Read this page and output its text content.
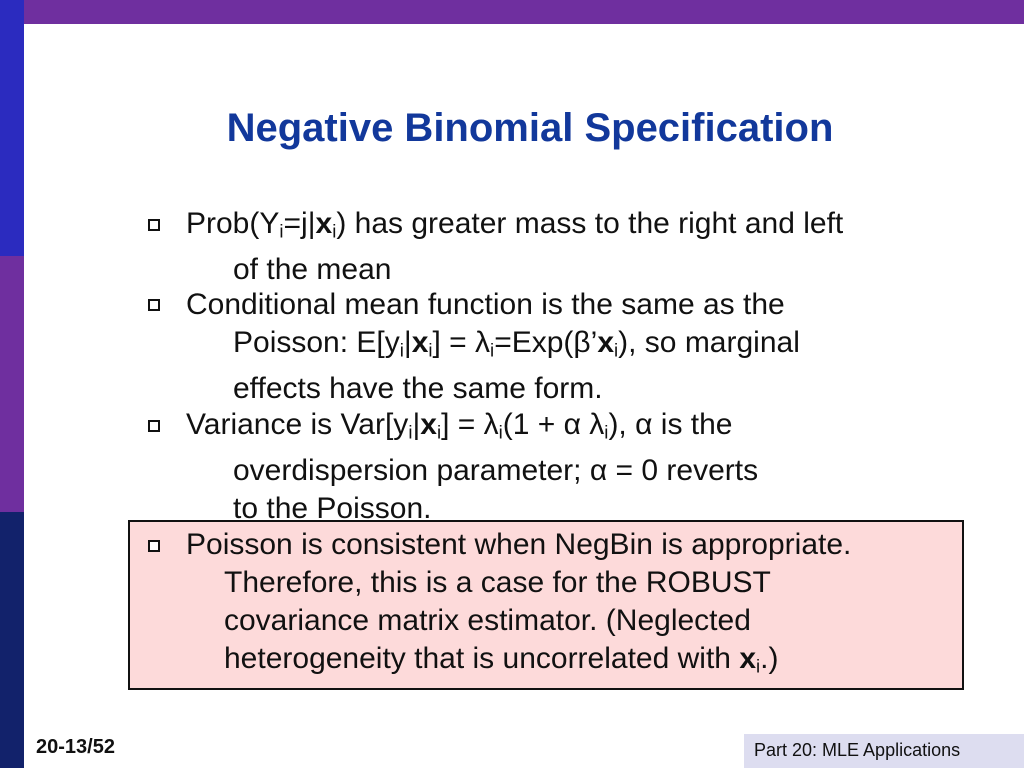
Negative Binomial Specification
$Prob(Y_i=j|x_i)$ has greater mass to the right and left
of the mean
Conditional mean function is the same as the
Poisson: $E[y_i|x_i]$ = $\lambda_i=Exp(\beta’x_i)$, so marginal
effects have the same form.
Variance is $Var[y_i|x_i] = \lambda_i(1 + \alpha$ $\lambda_i$), α is the
overdispersion parameter; α = 0 reverts
to the Poisson.
Poisson is consistent when NegBin is appropriate.
Therefore, this is a case for the ROBUST
covariance matrix estimator. (Neglected
heterogeneity that is uncorrelated with $x_i$.)
20-13/52	Part 20: MLE Applications
